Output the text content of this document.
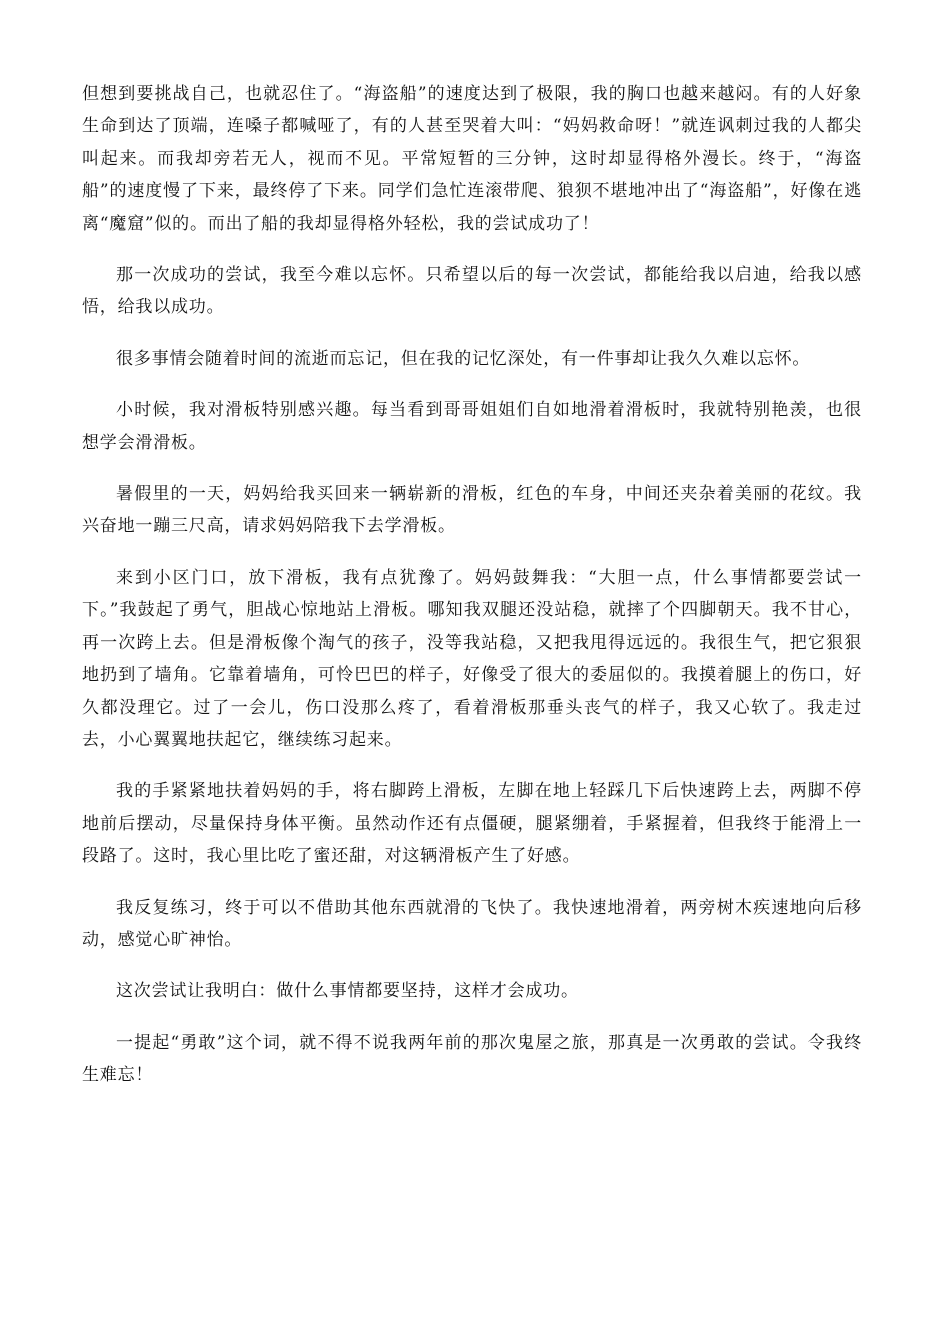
但想到要挑战自己，也就忍住了。“海盗船”的速度达到了极限，我的胸口也越来越闷。有的人好象生命到达了顶端，连嗓子都喊哑了，有的人甚至哭着大叫：“妈妈救命呀！”就连讽刺过我的人都尖叫起来。而我却旁若无人，视而不见。平常短暂的三分钟，这时却显得格外漫长。终于，“海盗船”的速度慢了下来，最终停了下来。同学们急忙连滚带爬、狼狈不堪地冲出了“海盗船”，好像在逃离“魔窟”似的。而出了船的我却显得格外轻松，我的尝试成功了！

那一次成功的尝试，我至今难以忘怀。只希望以后的每一次尝试，都能给我以启迪，给我以感悟，给我以成功。

很多事情会随着时间的流逝而忘记，但在我的记忆深处，有一件事却让我久久难以忘怀。

小时候，我对滑板特别感兴趣。每当看到哥哥姐姐们自如地滑着滑板时，我就特别艳羡，也很想学会滑滑板。

暑假里的一天，妈妈给我买回来一辆崭新的滑板，红色的车身，中间还夹杂着美丽的花纹。我兴奋地一蹦三尺高，请求妈妈陪我下去学滑板。

来到小区门口，放下滑板，我有点犹豫了。妈妈鼓舞我：“大胆一点，什么事情都要尝试一下。”我鼓起了勇气，胆战心惊地站上滑板。哪知我双腿还没站稳，就摔了个四脚朝天。我不甘心，再一次跨上去。但是滑板像个淘气的孩子，没等我站稳，又把我甩得远远的。我很生气，把它狠狠地扔到了墙角。它靠着墙角，可怜巴巴的样子，好像受了很大的委屈似的。我摸着腿上的伤口，好久都没理它。过了一会儿，伤口没那么疼了，看着滑板那垂头丧气的样子，我又心软了。我走过去，小心翼翼地扶起它，继续练习起来。

我的手紧紧地扶着妈妈的手，将右脚跨上滑板，左脚在地上轻踩几下后快速跨上去，两脚不停地前后摆动，尽量保持身体平衡。虽然动作还有点僵硬，腿紧绷着，手紧握着，但我终于能滑上一段路了。这时，我心里比吃了蜜还甜，对这辆滑板产生了好感。

我反复练习，终于可以不借助其他东西就滑的飞快了。我快速地滑着，两旁树木疾速地向后移动，感觉心旷神怡。

这次尝试让我明白：做什么事情都要坚持，这样才会成功。

一提起“勇敢”这个词，就不得不说我两年前的那次鬼屋之旅，那真是一次勇敢的尝试。令我终生难忘！
